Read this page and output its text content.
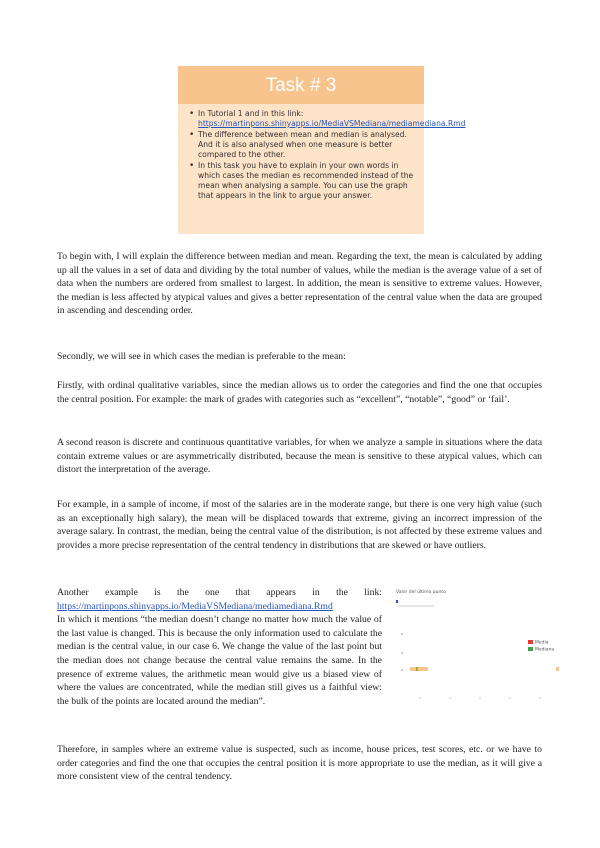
Task # 3
• In Tutorial 1 and in this link:
https://martinpons.shinyapps.io/MediaVSMediana/mediamediana.Rmd
• The difference between mean and median is analysed. And it is also analysed when one measure is better compared to the other.
• In this task you have to explain in your own words in which cases the median es recommended instead of the mean when analysing a sample. You can use the graph that appears in the link to argue your answer.

To begin with, I will explain the difference between median and mean. Regarding the text, the mean is calculated by adding up all the values in a set of data and dividing by the total number of values, while the median is the average value of a set of data when the numbers are ordered from smallest to largest. In addition, the mean is sensitive to extreme values. However, the median is less affected by atypical values and gives a better representation of the central value when the data are grouped in ascending and descending order.

Secondly, we will see in which cases the median is preferable to the mean:

Firstly, with ordinal qualitative variables, since the median allows us to order the categories and find the one that occupies the central position. For example: the mark of grades with categories such as “excellent”, “notable”, “good” or ‘fail’.

A second reason is discrete and continuous quantitative variables, for when we analyze a sample in situations where the data contain extreme values or are asymmetrically distributed, because the mean is sensitive to these atypical values, which can distort the interpretation of the average.

For example, in a sample of income, if most of the salaries are in the moderate range, but there is one very high value (such as an exceptionally high salary), the mean will be displaced towards that extreme, giving an incorrect impression of the average salary. In contrast, the median, being the central value of the distribution, is not affected by these extreme values and provides a more precise representation of the central tendency in distributions that are skewed or have outliers.

Another example is the one that appears in the link:
https://martinpons.shinyapps.io/MediaVSMediana/mediamediana.Rmd
In which it mentions “the median doesn’t change no matter how much the value of the last value is changed. This is because the only information used to calculate the median is the central value, in our case 6. We change the value of the last point but the median does not change because the central value remains the same. In the presence of extreme values, the arithmetic mean would give us a biased view of where the values are concentrated, while the median still gives us a faithful view: the bulk of the points are located around the median”.
Valor del último punto
Media
Mediana

Therefore, in samples where an extreme value is suspected, such as income, house prices, test scores, etc. or we have to order categories and find the one that occupies the central position it is more appropriate to use the median, as it will give a more consistent view of the central tendency.
